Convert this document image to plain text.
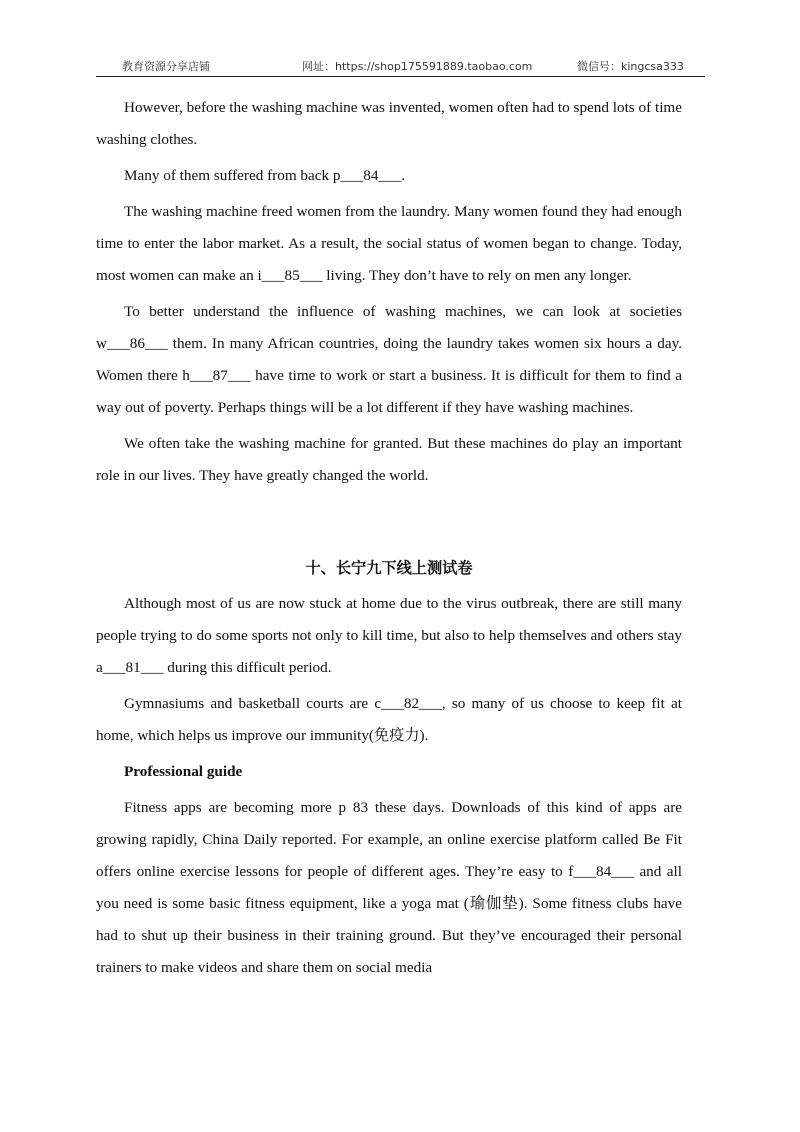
教育资源分享店铺	网址：https://shop175591889.taobao.com	微信号：kingcsa333

However, before the washing machine was invented, women often had to spend lots of time washing clothes.

Many of them suffered from back p___84___.

The washing machine freed women from the laundry. Many women found they had enough time to enter the labor market. As a result, the social status of women began to change. Today, most women can make an i___85___ living. They don’t have to rely on men any longer.

To better understand the influence of washing machines, we can look at societies w___86___ them. In many African countries, doing the laundry takes women six hours a day. Women there h___87___ have time to work or start a business. It is difficult for them to find a way out of poverty. Perhaps things will be a lot different if they have washing machines.

We often take the washing machine for granted. But these machines do play an important role in our lives. They have greatly changed the world.

十、长宁九下线上测试卷

Although most of us are now stuck at home due to the virus outbreak, there are still many people trying to do some sports not only to kill time, but also to help themselves and others stay a___81___ during this difficult period.

Gymnasiums and basketball courts are c___82___, so many of us choose to keep fit at home, which helps us improve our immunity(免疫力).

Professional guide

Fitness apps are becoming more p 83 these days. Downloads of this kind of apps are growing rapidly, China Daily reported. For example, an online exercise platform called Be Fit offers online exercise lessons for people of different ages. They’re easy to f___84___ and all you need is some basic fitness equipment, like a yoga mat (瑜伽垫). Some fitness clubs have had to shut up their business in their training ground. But they’ve encouraged their personal trainers to make videos and share them on social media
